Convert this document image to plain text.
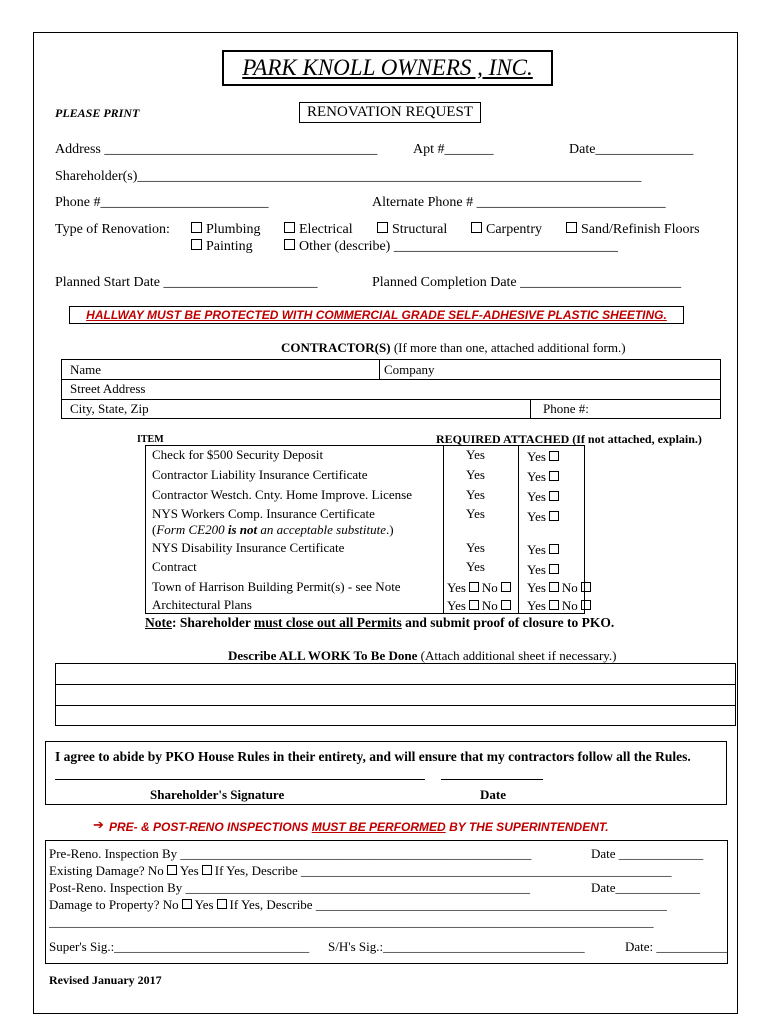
PARK KNOLL OWNERS , INC.
PLEASE PRINT	RENOVATION REQUEST
Address _______________________________________	Apt #_______	Date______________
Shareholder(s)________________________________________________________________________
Phone #________________________	Alternate Phone # ___________________________
Type of Renovation:	Plumbing	Electrical	Structural	Carpentry	Sand/Refinish Floors
Painting	Other (describe) ________________________________
Planned Start Date ______________________	Planned Completion Date _______________________
HALLWAY MUST BE PROTECTED WITH COMMERCIAL GRADE SELF-ADHESIVE PLASTIC SHEETING.
CONTRACTOR(S) (If more than one, attached additional form.)
Name	Company
Street Address
City, State, Zip	Phone #:
ITEM	REQUIRED ATTACHED (If not attached, explain.)
Check for $500 Security Deposit	Yes	Yes
Contractor Liability Insurance Certificate	Yes	Yes
Contractor Westch. Cnty. Home Improve. License	Yes	Yes
NYS Workers Comp. Insurance Certificate
(Form CE200 is not an acceptable substitute.)
Yes	Yes
NYS Disability Insurance Certificate	Yes	Yes
Contract	Yes	Yes
Town of Harrison Building Permit(s) - see Note	Yes No	Yes No
Architectural Plans	Yes No	Yes No
Note: Shareholder must close out all Permits and submit proof of closure to PKO.
Describe ALL WORK To Be Done (Attach additional sheet if necessary.)
I agree to abide by PKO House Rules in their entirety, and will ensure that my contractors follow all the Rules.
Shareholder's Signature	Date
➔ PRE- & POST-RENO INSPECTIONS MUST BE PERFORMED BY THE SUPERINTENDENT.
Pre-Reno. Inspection By ______________________________________________________	Date _____________
Existing Damage? No Yes If Yes, Describe _________________________________________________________
Post-Reno. Inspection By _____________________________________________________	Date_____________
Damage to Property? No Yes If Yes, Describe ______________________________________________________
_____________________________________________________________________________________________
Super's Sig.:______________________________ S/H's Sig.:_______________________________	Date: ___________
Revised January 2017
